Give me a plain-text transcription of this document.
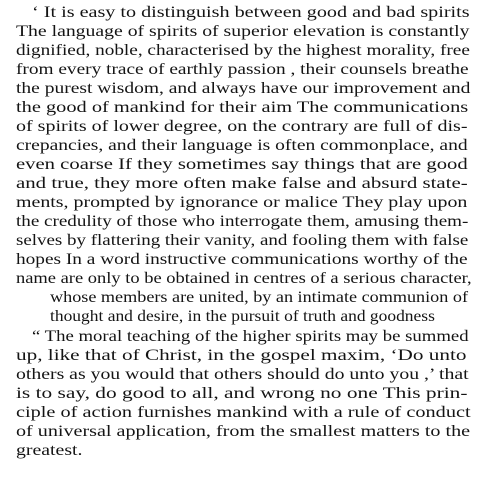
‘ It is easy to distinguish between good and bad spirits
The language of spirits of superior elevation is constantly
dignified, noble, characterised by the highest morality, free
from every trace of earthly passion , their counsels breathe
the purest wisdom, and always have our improvement and
the good of mankind for their aim The communications
of spirits of lower degree, on the contrary are full of dis-
crepancies, and their language is often commonplace, and
even coarse If they sometimes say things that are good
and true, they more often make false and absurd state-
ments, prompted by ignorance or malice They play upon
the credulity of those who interrogate them, amusing them-
selves by flattering their vanity, and fooling them with false
hopes In a word instructive communications worthy of the
name are only to be obtained in centres of a serious character,
whose members are united, by an intimate communion of
thought and desire, in the pursuit of truth and goodness
“ The moral teaching of the higher spirits may be summed
up, like that of Christ, in the gospel maxim, ‘Do unto
others as you would that others should do unto you ,’ that
is to say, do good to all, and wrong no one This prin-
ciple of action furnishes mankind with a rule of conduct
of universal application, from the smallest matters to the
greatest.
